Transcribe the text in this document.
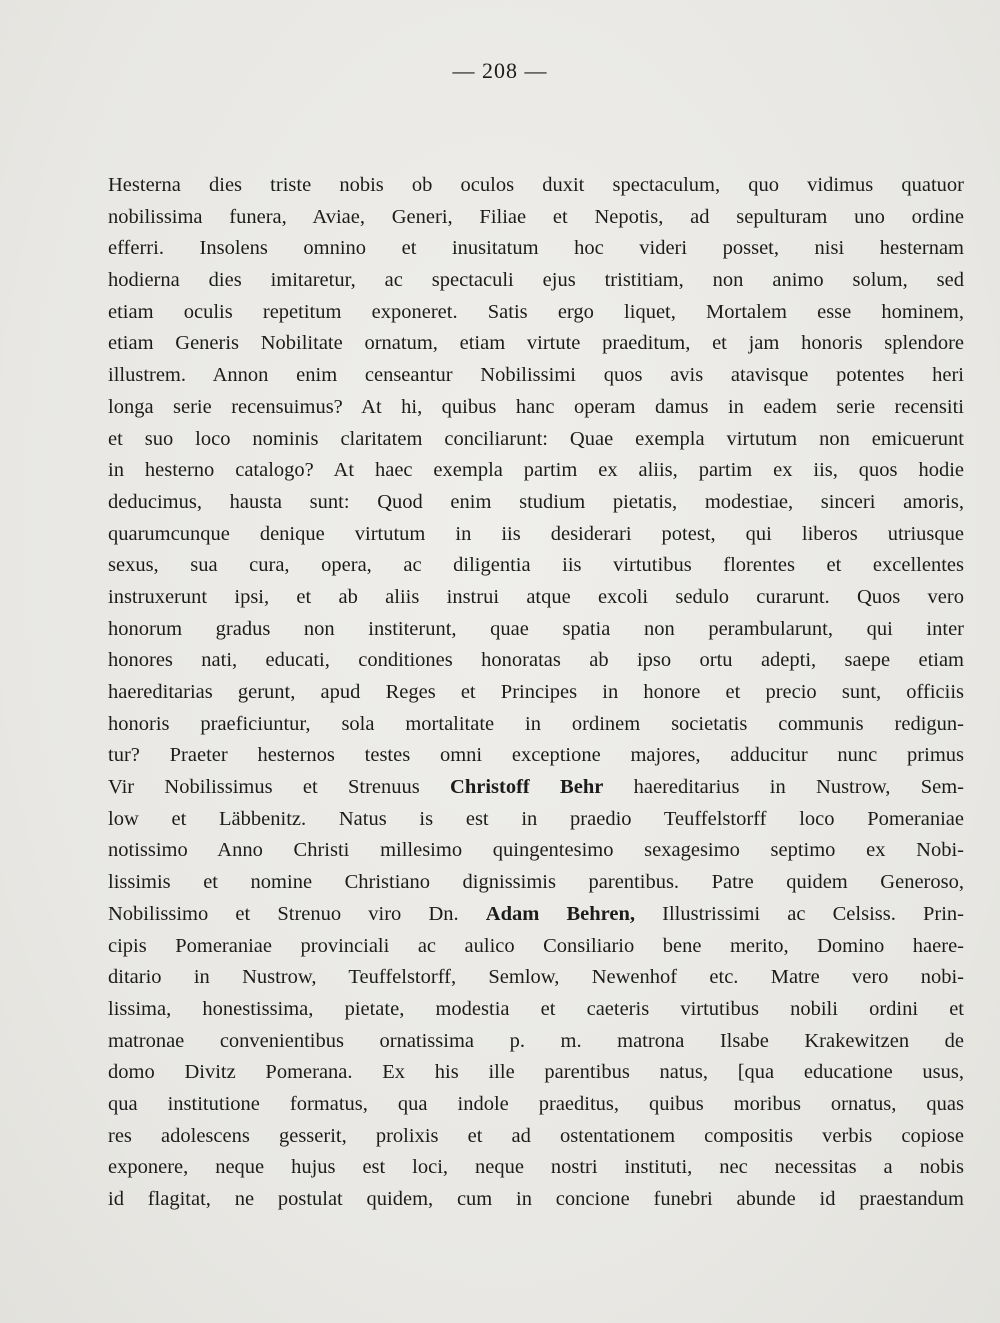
— 208 —
Hesterna dies triste nobis ob oculos duxit spectaculum, quo vidimus quatuor
nobilissima funera, Aviae, Generi, Filiae et Nepotis, ad sepulturam uno ordine
efferri. Insolens omnino et inusitatum hoc videri posset, nisi hesternam
hodierna dies imitaretur, ac spectaculi ejus tristitiam, non animo solum, sed
etiam oculis repetitum exponeret. Satis ergo liquet, Mortalem esse hominem,
etiam Generis Nobilitate ornatum, etiam virtute praeditum, et jam honoris splendore
illustrem. Annon enim censeantur Nobilissimi quos avis atavisque potentes heri
longa serie recensuimus? At hi, quibus hanc operam damus in eadem serie recensiti
et suo loco nominis claritatem conciliarunt: Quae exempla virtutum non emicuerunt
in hesterno catalogo? At haec exempla partim ex aliis, partim ex iis, quos hodie
deducimus, hausta sunt: Quod enim studium pietatis, modestiae, sinceri amoris,
quarumcunque denique virtutum in iis desiderari potest, qui liberos utriusque
sexus, sua cura, opera, ac diligentia iis virtutibus florentes et excellentes
instruxerunt ipsi, et ab aliis instrui atque excoli sedulo curarunt. Quos vero
honorum gradus non institerunt, quae spatia non perambularunt, qui inter
honores nati, educati, conditiones honoratas ab ipso ortu adepti, saepe etiam
haereditarias gerunt, apud Reges et Principes in honore et precio sunt, officiis
honoris praeficiuntur, sola mortalitate in ordinem societatis communis redigun-
tur? Praeter hesternos testes omni exceptione majores, adducitur nunc primus
Vir Nobilissimus et Strenuus Christoff Behr haereditarius in Nustrow, Sem-
low et Läbbenitz. Natus is est in praedio Teuffelstorff loco Pomeraniae
notissimo Anno Christi millesimo quingentesimo sexagesimo septimo ex Nobi-
lissimis et nomine Christiano dignissimis parentibus. Patre quidem Generoso,
Nobilissimo et Strenuo viro Dn. Adam Behren, Illustrissimi ac Celsiss. Prin-
cipis Pomeraniae provinciali ac aulico Consiliario bene merito, Domino haere-
ditario in Nustrow, Teuffelstorff, Semlow, Newenhof etc. Matre vero nobi-
lissima, honestissima, pietate, modestia et caeteris virtutibus nobili ordini et
matronae convenientibus ornatissima p. m. matrona Ilsabe Krakewitzen de
domo Divitz Pomerana. Ex his ille parentibus natus, [qua educatione usus,
qua institutione formatus, qua indole praeditus, quibus moribus ornatus, quas
res adolescens gesserit, prolixis et ad ostentationem compositis verbis copiose
exponere, neque hujus est loci, neque nostri instituti, nec necessitas a nobis
id flagitat, ne postulat quidem, cum in concione funebri abunde id praestandum
